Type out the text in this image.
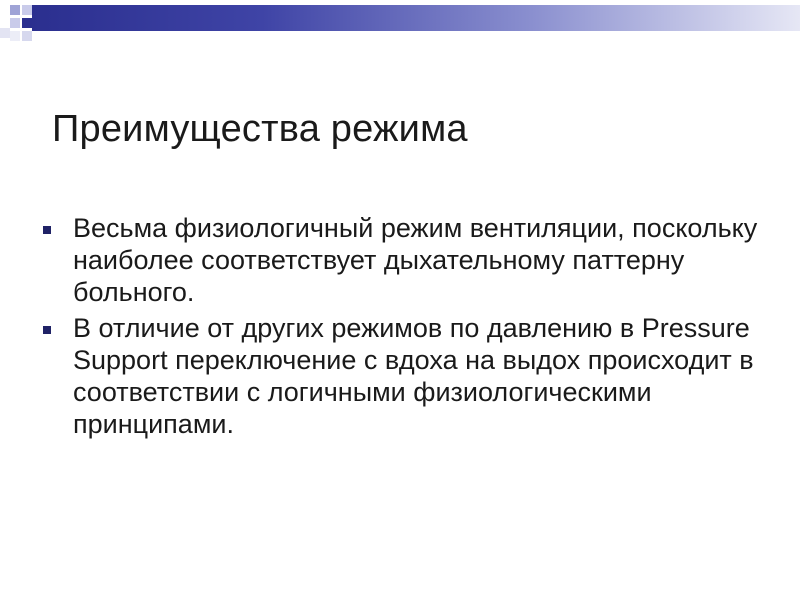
Преимущества режима
Весьма физиологичный режим вентиляции, поскольку наиболее соответствует дыхательному паттерну больного.
В отличие от других режимов по давлению в Pressure Support переключение с вдоха на выдох происходит в соответствии с логичными физиологическими принципами.
